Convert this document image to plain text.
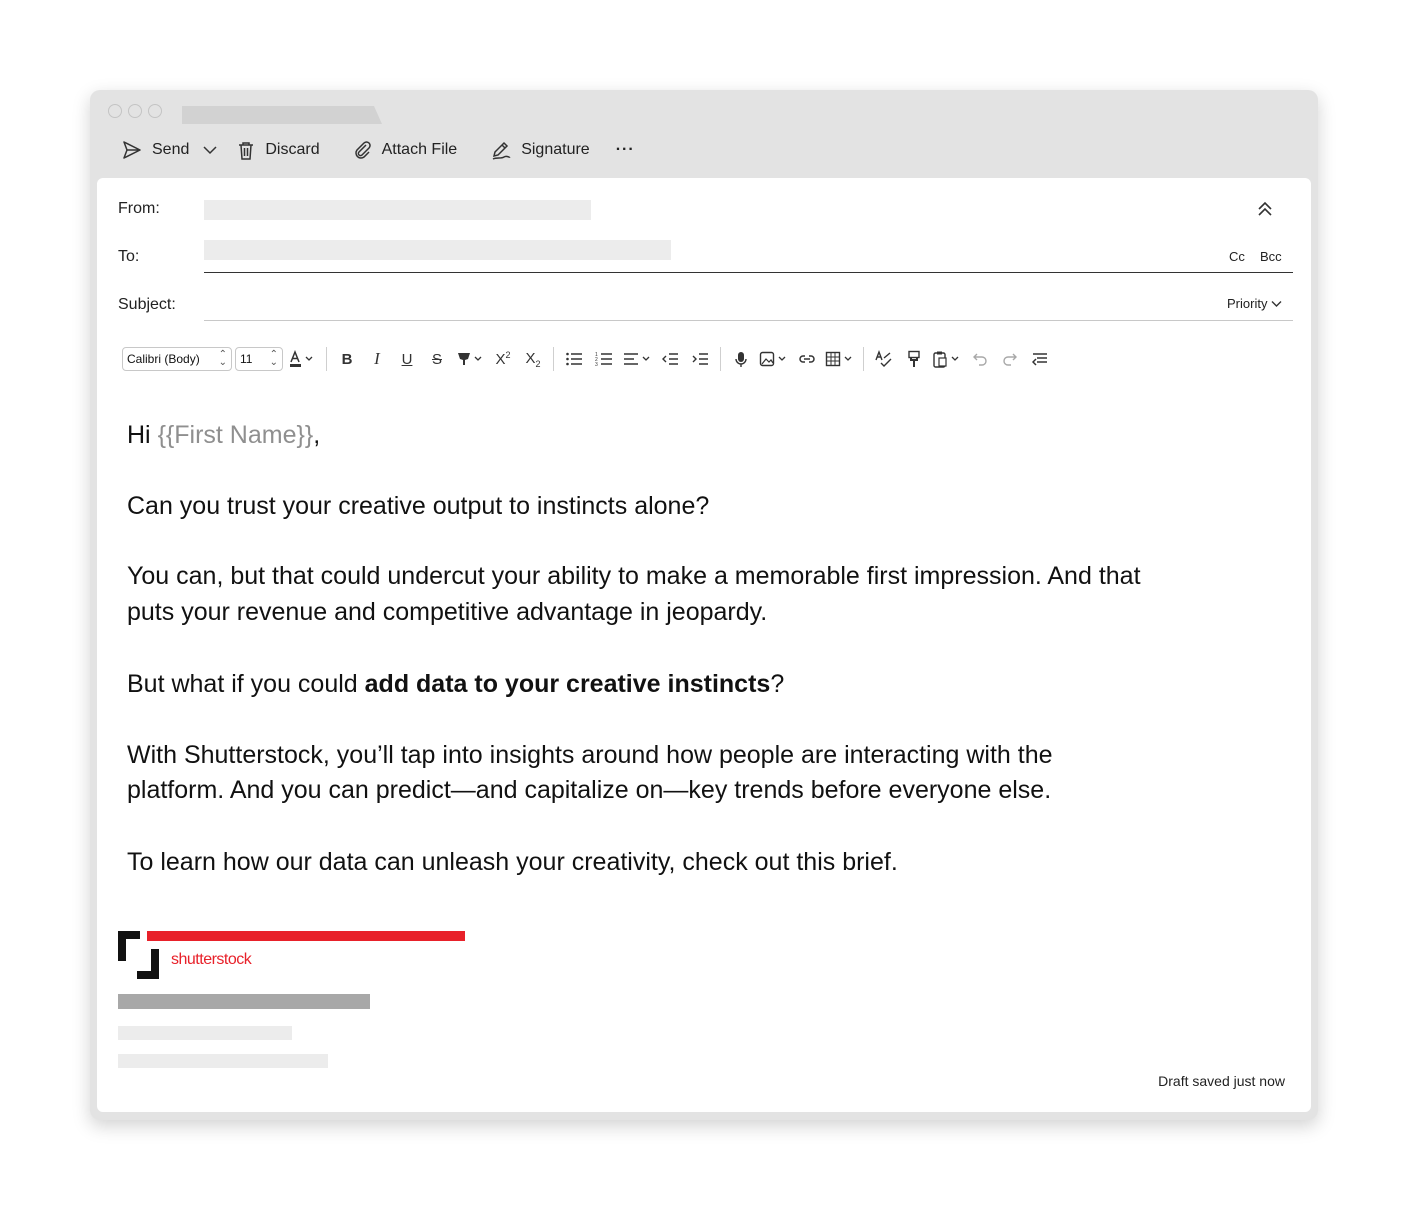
Send	Discard	Attach File	Signature ···
From:
To:	Cc Bcc
Subject:	Priority
Calibri (Body) ⌃
⌄ 11 ⌃
⌄	B I U S	$X^2$ $X_2$
1
2
3

Hi {{First Name}},

Can you trust your creative output to instincts alone?

You can, but that could undercut your ability to make a memorable first impression. And that
puts your revenue and competitive advantage in jeopardy.

But what if you could add data to your creative instincts?

With Shutterstock, you’ll tap into insights around how people are interacting with the
platform. And you can predict—and capitalize on—key trends before everyone else.

To learn how our data can unleash your creativity, check out this brief.

shutterstock
Draft saved just now
